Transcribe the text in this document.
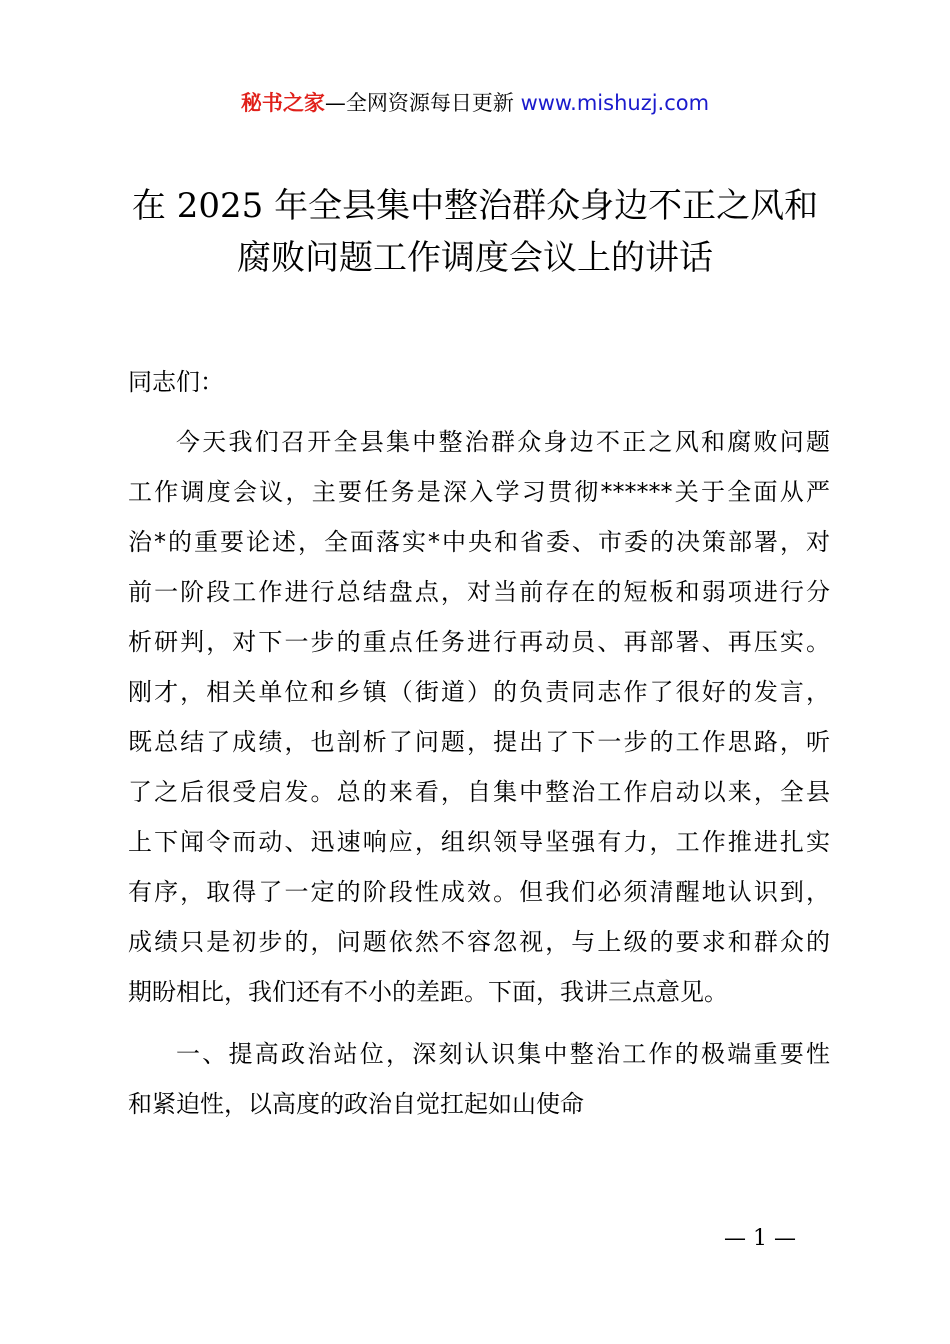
秘书之家—全网资源每日更新 www.mishuzj.com
在 2025 年全县集中整治群众身边不正之风和
腐败问题工作调度会议上的讲话
同志们：
今天我们召开全县集中整治群众身边不正之风和腐败问题
工作调度会议，主要任务是深入学习贯彻******关于全面从严
治*的重要论述，全面落实*中央和省委、市委的决策部署，对
前一阶段工作进行总结盘点，对当前存在的短板和弱项进行分
析研判，对下一步的重点任务进行再动员、再部署、再压实。
刚才，相关单位和乡镇（街道）的负责同志作了很好的发言，
既总结了成绩，也剖析了问题，提出了下一步的工作思路，听
了之后很受启发。总的来看，自集中整治工作启动以来，全县
上下闻令而动、迅速响应，组织领导坚强有力，工作推进扎实
有序，取得了一定的阶段性成效。但我们必须清醒地认识到，
成绩只是初步的，问题依然不容忽视，与上级的要求和群众的
期盼相比，我们还有不小的差距。下面，我讲三点意见。
一、提高政治站位，深刻认识集中整治工作的极端重要性
和紧迫性，以高度的政治自觉扛起如山使命
— 1 —
